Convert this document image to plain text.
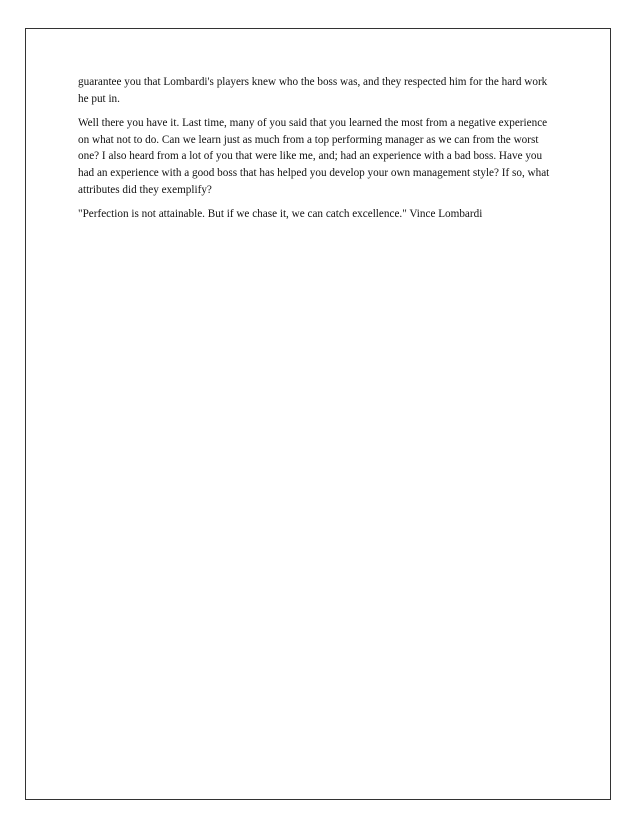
guarantee you that Lombardi's players knew who the boss was, and they respected him for the hard work he put in.

Well there you have it. Last time, many of you said that you learned the most from a negative experience on what not to do. Can we learn just as much from a top performing manager as we can from the worst one? I also heard from a lot of you that were like me, and; had an experience with a bad boss. Have you had an experience with a good boss that has helped you develop your own management style? If so, what attributes did they exemplify?

"Perfection is not attainable. But if we chase it, we can catch excellence." Vince Lombardi
